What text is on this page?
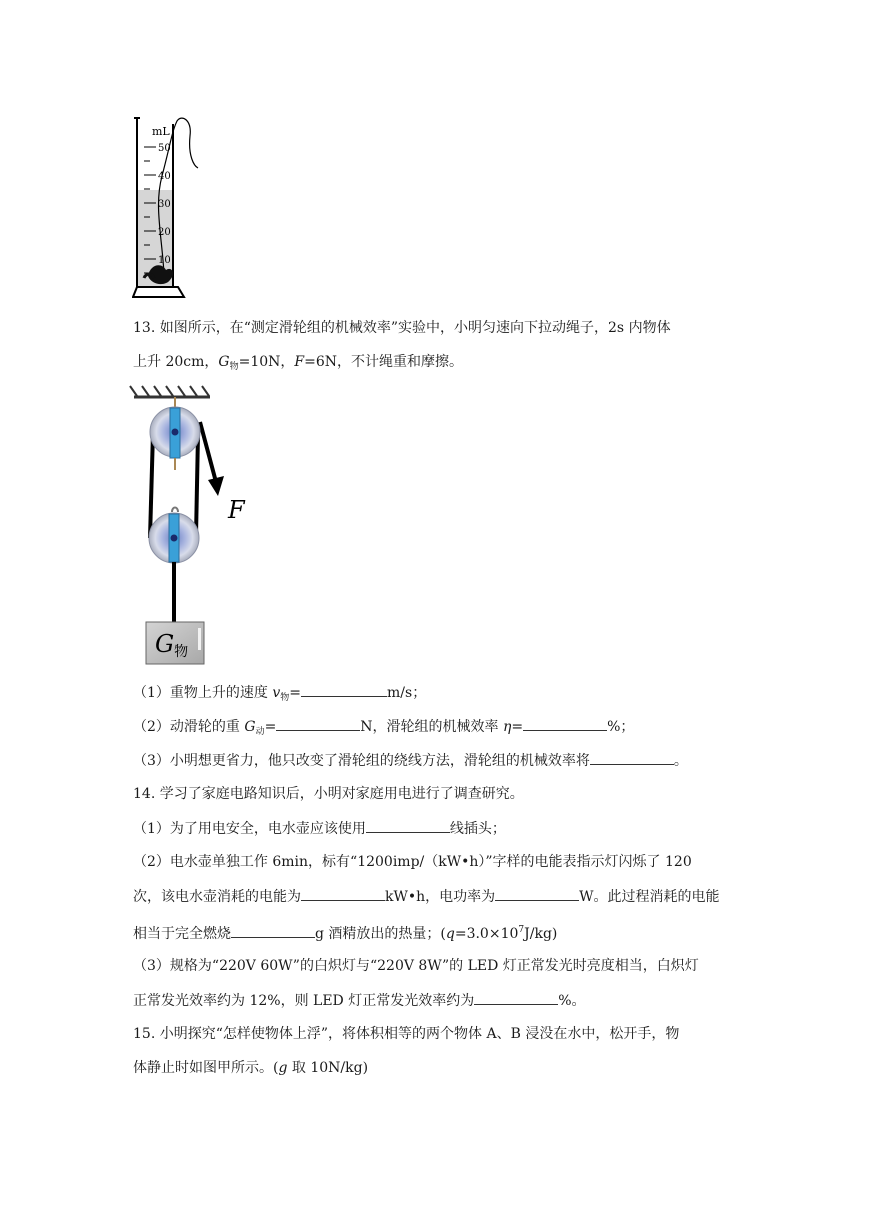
mL
50
40
30
20
10
13. 如图所示，在“测定滑轮组的机械效率”实验中，小明匀速向下拉动绳子，2s 内物体
上升 20cm，$G_物=10N$，F=6N，不计绳重和摩擦。
F
G物
（1）重物上升的速度 $v_物=$	m/s；
（2）动滑轮的重 $G_动=$	N，滑轮组的机械效率 η=	%；
（3）小明想更省力，他只改变了滑轮组的绕线方法，滑轮组的机械效率将	。
14. 学习了家庭电路知识后，小明对家庭用电进行了调查研究。
（1）为了用电安全，电水壶应该使用	线插头；
（2）电水壶单独工作 6min，标有“1200imp/（kW•h）”字样的电能表指示灯闪烁了 120
次，该电水壶消耗的电能为	kW•h，电功率为	W。此过程消耗的电能
相当于完全燃烧	g 酒精放出的热量；$(q=3.0\times 10^7J/kg)$
（3）规格为“220V 60W”的白炽灯与“220V 8W”的 LED 灯正常发光时亮度相当，白炽灯
正常发光效率约为 12%，则 LED 灯正常发光效率约为	%。
15. 小明探究“怎样使物体上浮”，将体积相等的两个物体 A、B 浸没在水中，松开手，物
体静止时如图甲所示。(g 取 10N/kg)
